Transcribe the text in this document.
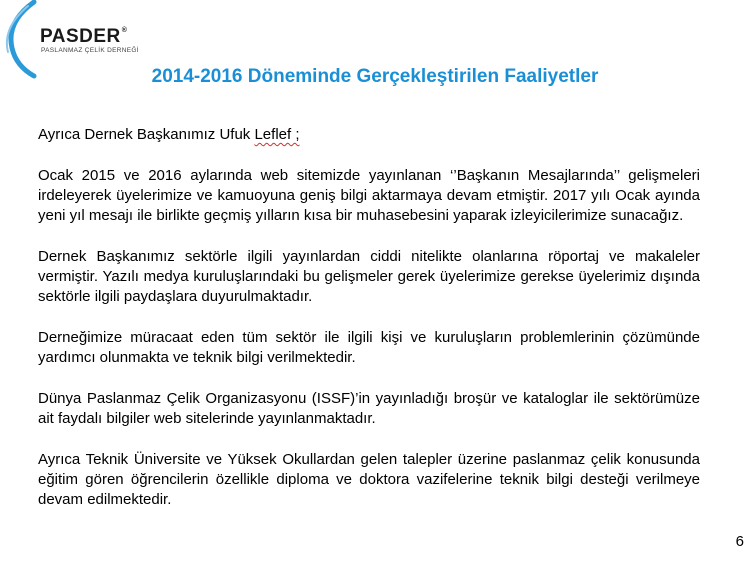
PASDER®
PASLANMAZ ÇELİK DERNEĞİ
2014-2016 Döneminde Gerçekleştirilen Faaliyetler

Ayrıca Dernek Başkanımız Ufuk Leflef ;

Ocak 2015 ve 2016 aylarında web sitemizde yayınlanan ‘’Başkanın Mesajlarında’’ gelişmeleri irdeleyerek üyelerimize ve kamuoyuna geniş bilgi aktarmaya devam etmiştir. 2017 yılı Ocak ayında yeni yıl mesajı ile birlikte geçmiş yılların kısa bir muhasebesini yaparak izleyicilerimize sunacağız.

Dernek Başkanımız sektörle ilgili yayınlardan ciddi nitelikte olanlarına röportaj ve makaleler vermiştir. Yazılı medya kuruluşlarındaki bu gelişmeler gerek üyelerimize gerekse üyelerimiz dışında sektörle ilgili paydaşlara duyurulmaktadır.

Derneğimize müracaat eden tüm sektör ile ilgili kişi ve kuruluşların problemlerinin çözümünde yardımcı olunmakta ve teknik bilgi verilmektedir.

Dünya Paslanmaz Çelik Organizasyonu (ISSF)’in yayınladığı broşür ve kataloglar ile sektörümüze ait faydalı bilgiler web sitelerinde yayınlanmaktadır.

Ayrıca Teknik Üniversite ve Yüksek Okullardan gelen talepler üzerine paslanmaz çelik konusunda eğitim gören öğrencilerin özellikle diploma ve doktora vazifelerine teknik bilgi desteği verilmeye devam edilmektedir.

6
